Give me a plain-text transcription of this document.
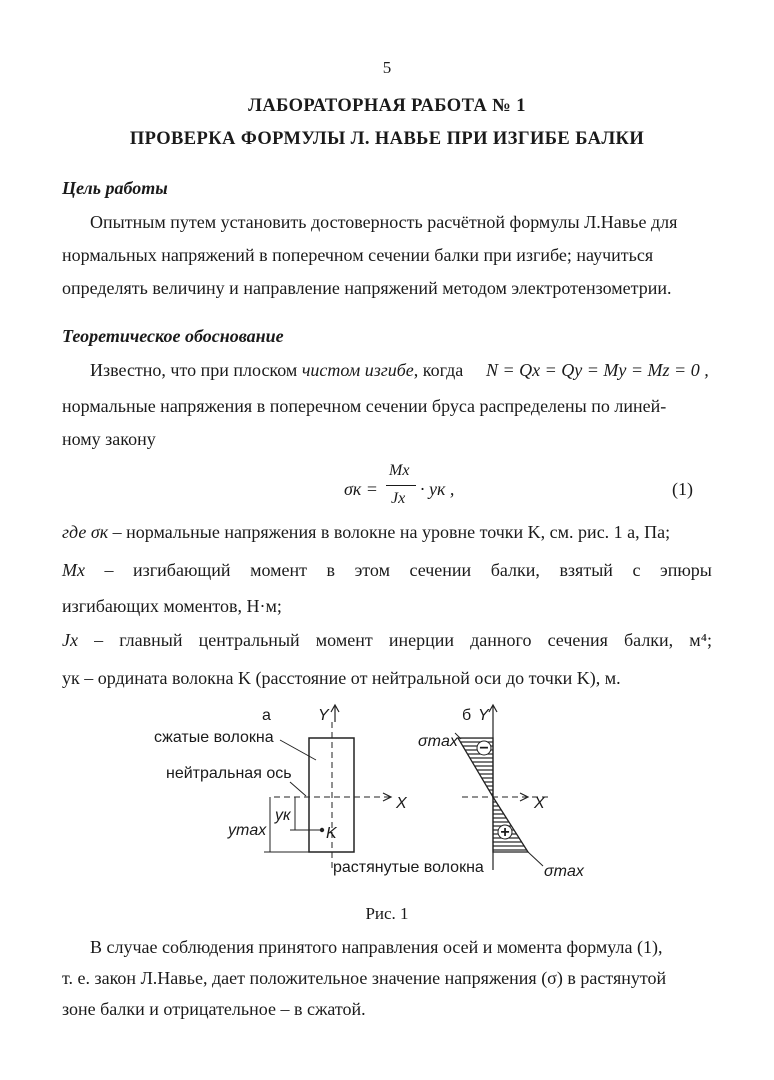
5
ЛАБОРАТОРНАЯ РАБОТА № 1
ПРОВЕРКА ФОРМУЛЫ Л. НАВЬЕ ПРИ ИЗГИБЕ БАЛКИ
Цель работы
Опытным путем установить достоверность расчётной формулы Л.Навье для
нормальных напряжений в поперечном сечении балки при изгибе; научиться
определять величину и направление напряжений методом электротензометрии.
Теоретическое обоснование
Известно, что при плоском чистом изгибе, когда N = Qx = Qy = My = Mz = 0 ,
нормальные напряжения в поперечном сечении бруса распределены по линей-
ному закону
σк =
Mx
Jx · yк ,	(1)
где σк – нормальные напряжения в волокне на уровне точки K, см. рис. 1 а, Па;
Mx – изгибающий момент в этом сечении балки, взятый с эпюры
изгибающих моментов, Н·м;
Jx – главный центральный момент инерции данного сечения балки, м⁴;
yк – ордината волокна K (расстояние от нейтральной оси до точки K), м.
а	Y
X
сжатые волокна
нейтральная ось
yк
ymax	K
растянутые волокна
б Y
−
+
X
σmax
σmax
Рис. 1
В случае соблюдения принятого направления осей и момента формула (1),
т. е. закон Л.Навье, дает положительное значение напряжения (σ) в растянутой
зоне балки и отрицательное – в сжатой.
